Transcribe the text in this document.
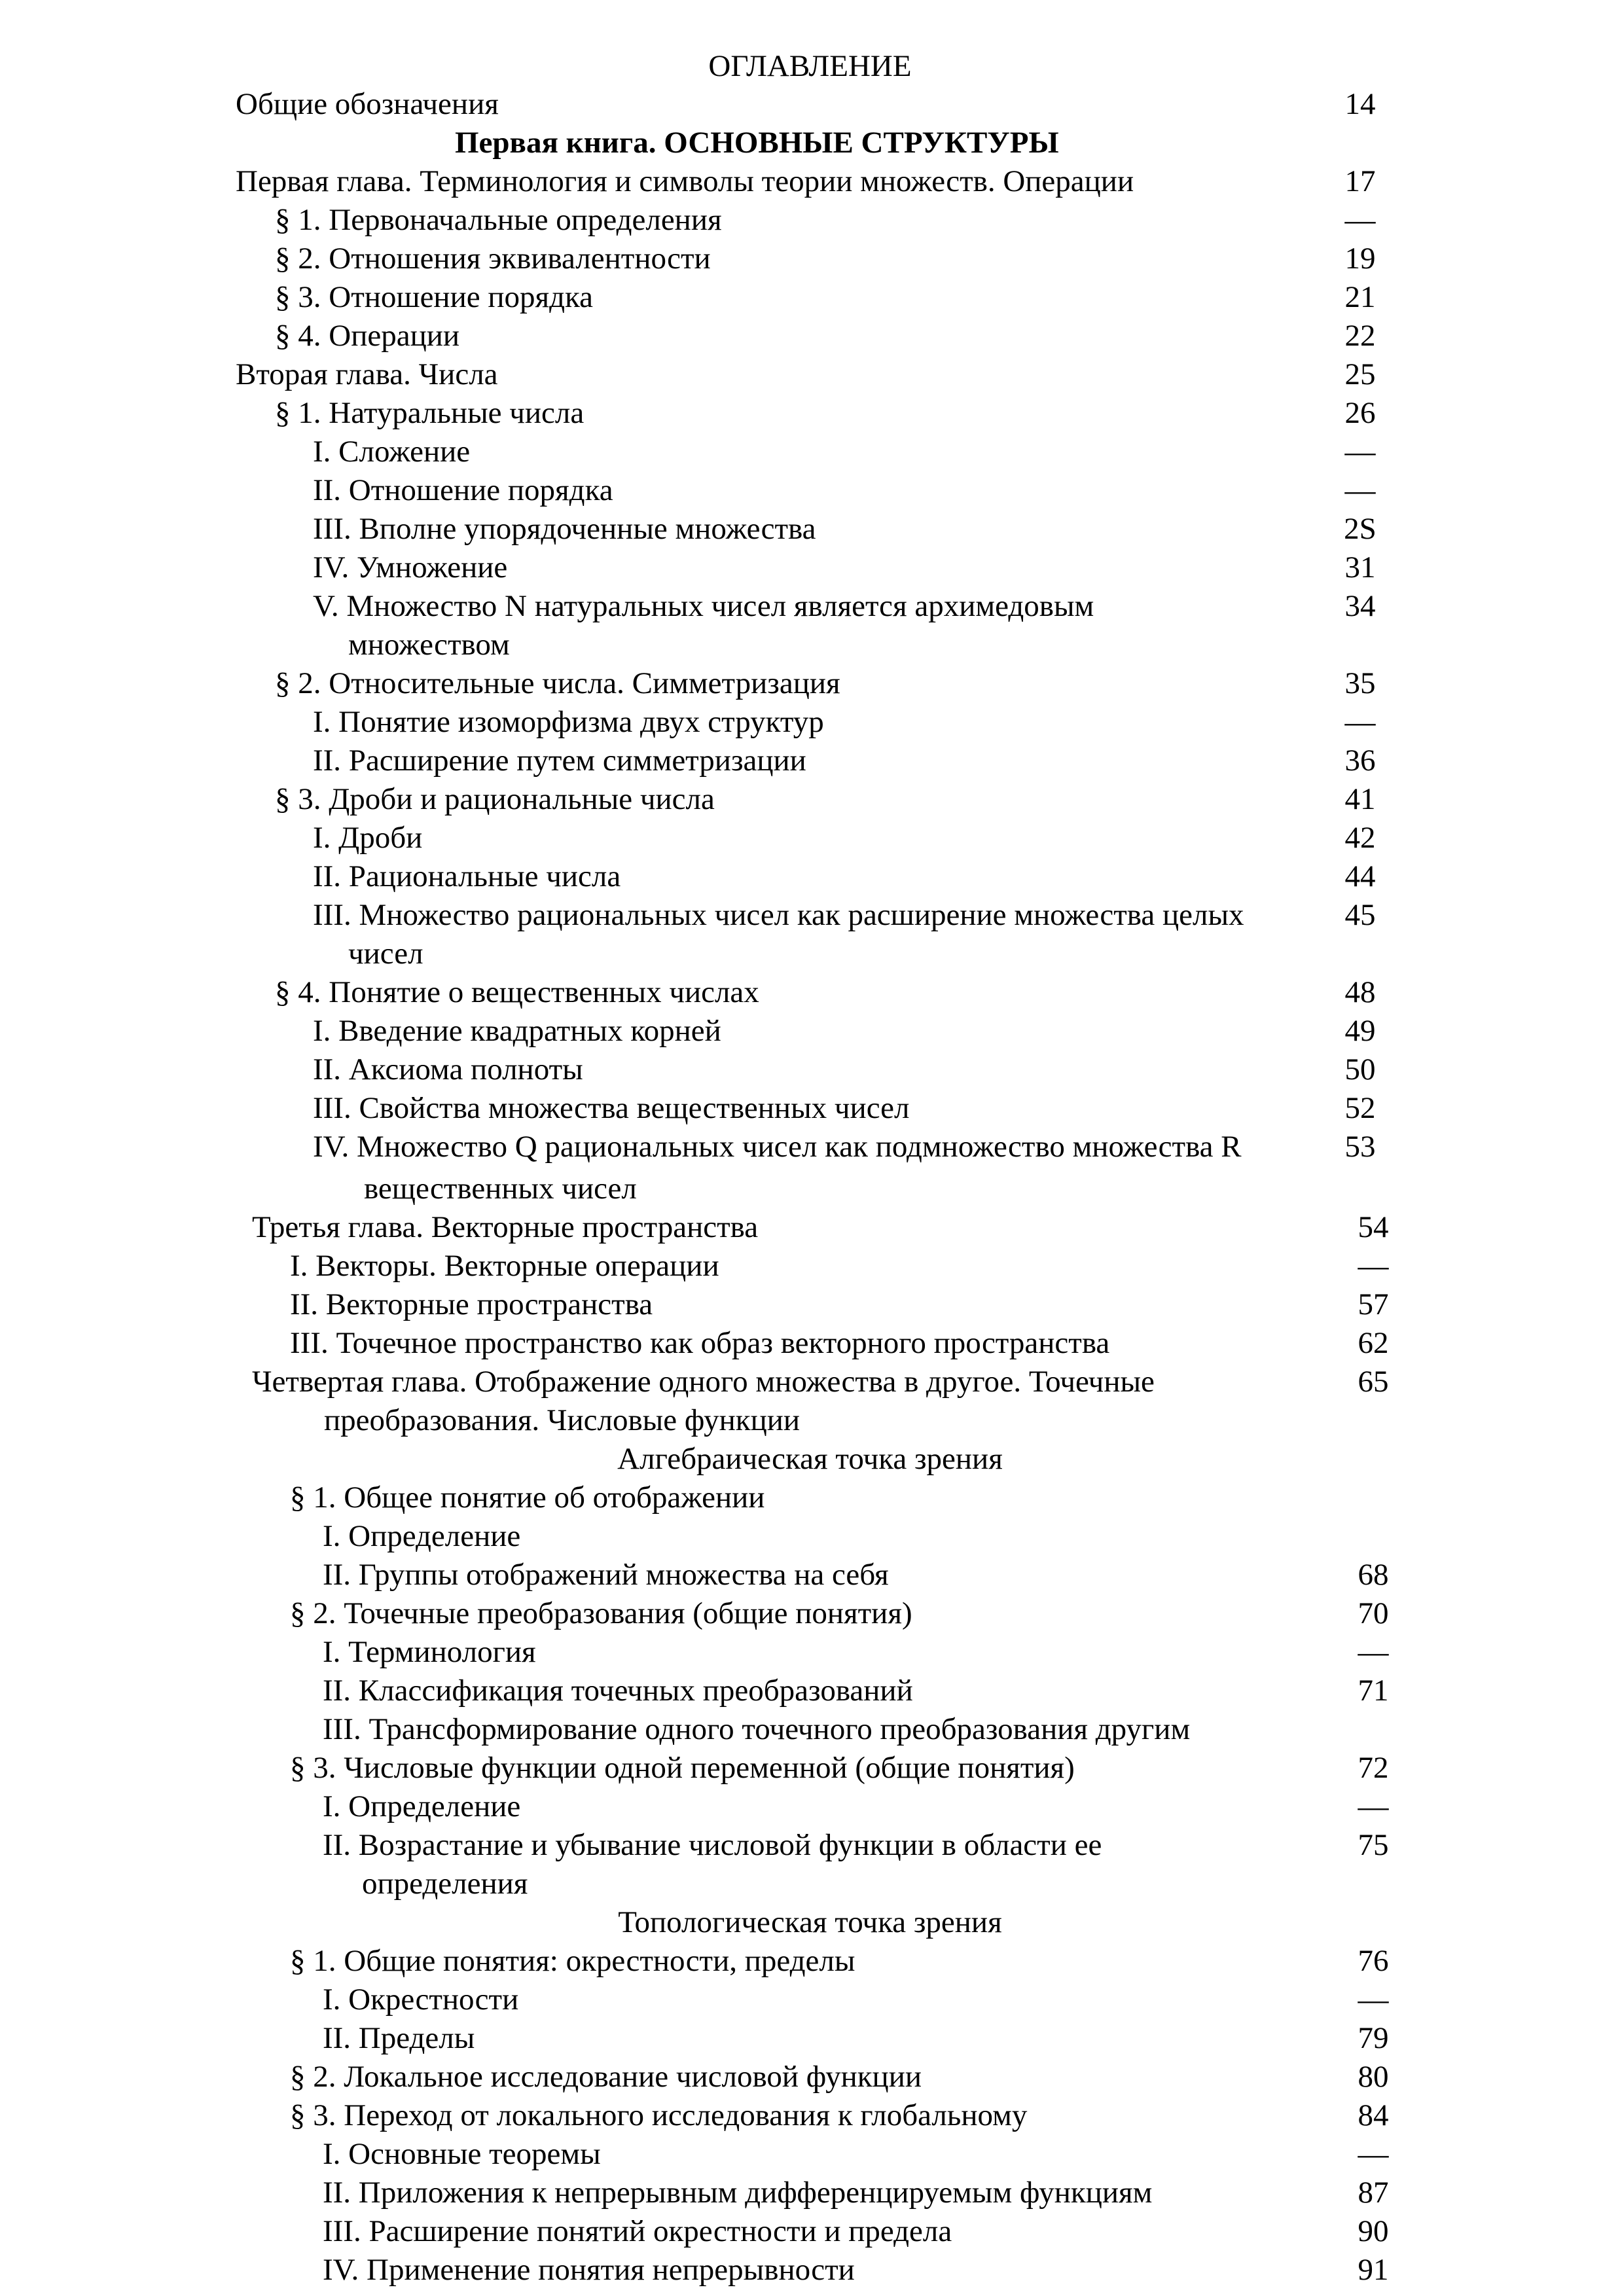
ОГЛАВЛЕНИЕ
Общие обозначения	14
Первая книга. ОСНОВНЫЕ СТРУКТУРЫ
Первая глава. Терминология и символы теории множеств. Операции	17
§ 1. Первоначальные определения	—
§ 2. Отношения эквивалентности	19
§ 3. Отношение порядка	21
§ 4. Операции	22
Вторая глава. Числа	25
§ 1. Натуральные числа	26
I. Сложение	—
II. Отношение порядка	—
III. Вполне упорядоченные множества	2S
IV. Умножение	31
V. Множество N натуральных чисел является архимедовым	34
множеством
§ 2. Относительные числа. Симметризация	35
I. Понятие изоморфизма двух структур	—
II. Расширение путем симметризации	36
§ 3. Дроби и рациональные числа	41
I. Дроби	42
II. Рациональные числа	44
III. Множество рациональных чисел как расширение множества целых	45
чисел
§ 4. Понятие о вещественных числах	48
I. Введение квадратных корней	49
II. Аксиома полноты	50
III. Свойства множества вещественных чисел	52
IV. Множество Q рациональных чисел как подмножество множества R	53
вещественных чисел
Третья глава. Векторные пространства	54
I. Векторы. Векторные операции	—
II. Векторные пространства	57
III. Точечное пространство как образ векторного пространства	62
Четвертая глава. Отображение одного множества в другое. Точечные	65
преобразования. Числовые функции
Алгебраическая точка зрения
§ 1. Общее понятие об отображении
I. Определение
II. Группы отображений множества на себя	68
§ 2. Точечные преобразования (общие понятия)	70
I. Терминология	—
II. Классификация точечных преобразований	71
III. Трансформирование одного точечного преобразования другим
§ 3. Числовые функции одной переменной (общие понятия)	72
I. Определение	—
II. Возрастание и убывание числовой функции в области ее	75
определения
Топологическая точка зрения
§ 1. Общие понятия: окрестности, пределы	76
I. Окрестности	—
II. Пределы	79
§ 2. Локальное исследование числовой функции	80
§ 3. Переход от локального исследования к глобальному	84
I. Основные теоремы	—
II. Приложения к непрерывным дифференцируемым функциям	87
III. Расширение понятий окрестности и предела	90
IV. Применение понятия непрерывности	91
